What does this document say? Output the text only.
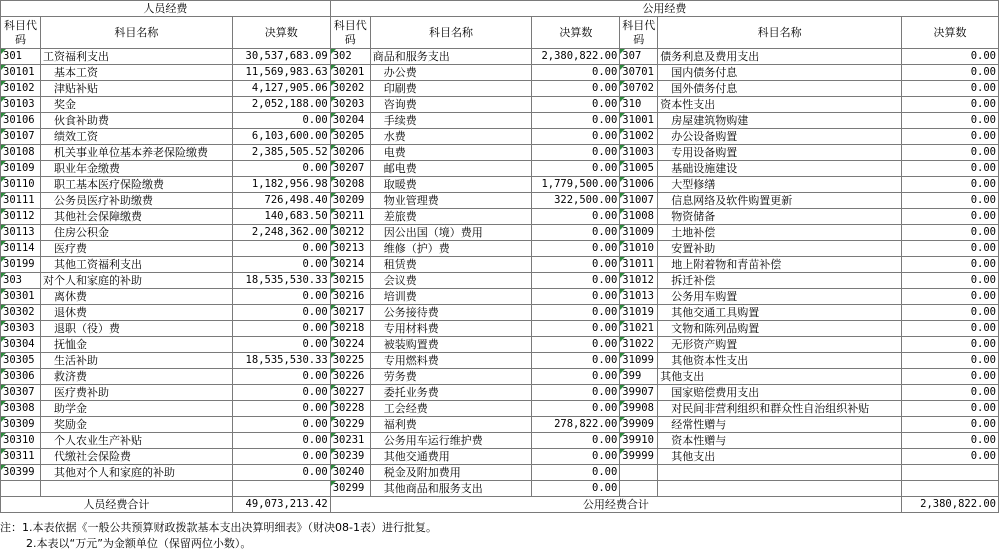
人员经费			公用经费					
科目代码	科目名称	决算数	科目代码	科目名称	决算数	科目代码	科目名称	决算数
301	工资福利支出	30,537,683.09	302	商品和服务支出	2,380,822.00	307	债务利息及费用支出	0.00
30101	基本工资	11,569,983.63	30201	办公费	0.00	30701	国内债务付息	0.00
30102	津贴补贴	4,127,905.06	30202	印刷费	0.00	30702	国外债务付息	0.00
30103	奖金	2,052,188.00	30203	咨询费	0.00	310	资本性支出	0.00
30106	伙食补助费	0.00	30204	手续费	0.00	31001	房屋建筑物购建	0.00
30107	绩效工资	6,103,600.00	30205	水费	0.00	31002	办公设备购置	0.00
30108	机关事业单位基本养老保险缴费	2,385,505.52	30206	电费	0.00	31003	专用设备购置	0.00
30109	职业年金缴费	0.00	30207	邮电费	0.00	31005	基础设施建设	0.00
30110	职工基本医疗保险缴费	1,182,956.98	30208	取暖费	1,779,500.00	31006	大型修缮	0.00
30111	公务员医疗补助缴费	726,498.40	30209	物业管理费	322,500.00	31007	信息网络及软件购置更新	0.00
30112	其他社会保障缴费	140,683.50	30211	差旅费	0.00	31008	物资储备	0.00
30113	住房公积金	2,248,362.00	30212	因公出国（境）费用	0.00	31009	土地补偿	0.00
30114	医疗费	0.00	30213	维修（护）费	0.00	31010	安置补助	0.00
30199	其他工资福利支出	0.00	30214	租赁费	0.00	31011	地上附着物和青苗补偿	0.00
303	对个人和家庭的补助	18,535,530.33	30215	会议费	0.00	31012	拆迁补偿	0.00
30301	离休费	0.00	30216	培训费	0.00	31013	公务用车购置	0.00
30302	退休费	0.00	30217	公务接待费	0.00	31019	其他交通工具购置	0.00
30303	退职（役）费	0.00	30218	专用材料费	0.00	31021	文物和陈列品购置	0.00
30304	抚恤金	0.00	30224	被装购置费	0.00	31022	无形资产购置	0.00
30305	生活补助	18,535,530.33	30225	专用燃料费	0.00	31099	其他资本性支出	0.00
30306	救济费	0.00	30226	劳务费	0.00	399	其他支出	0.00
30307	医疗费补助	0.00	30227	委托业务费	0.00	39907	国家赔偿费用支出	0.00
30308	助学金	0.00	30228	工会经费	0.00	39908	对民间非营利组织和群众性自治组织补贴	0.00
30309	奖励金	0.00	30229	福利费	278,822.00	39909	经常性赠与	0.00
30310	个人农业生产补贴	0.00	30231	公务用车运行维护费	0.00	39910	资本性赠与	0.00
30311	代缴社会保险费	0.00	30239	其他交通费用	0.00	39999	其他支出	0.00
30399	其他对个人和家庭的补助	0.00	30240	税金及附加费用	0.00			
			30299	其他商品和服务支出	0.00			
人员经费合计		49,073,213.42	公用经费合计					2,380,822.00
注：1.本表依据《一般公共预算财政拨款基本支出决算明细表》（财决08-1表）进行批复。
2.本表以“万元”为金额单位（保留两位小数）。
